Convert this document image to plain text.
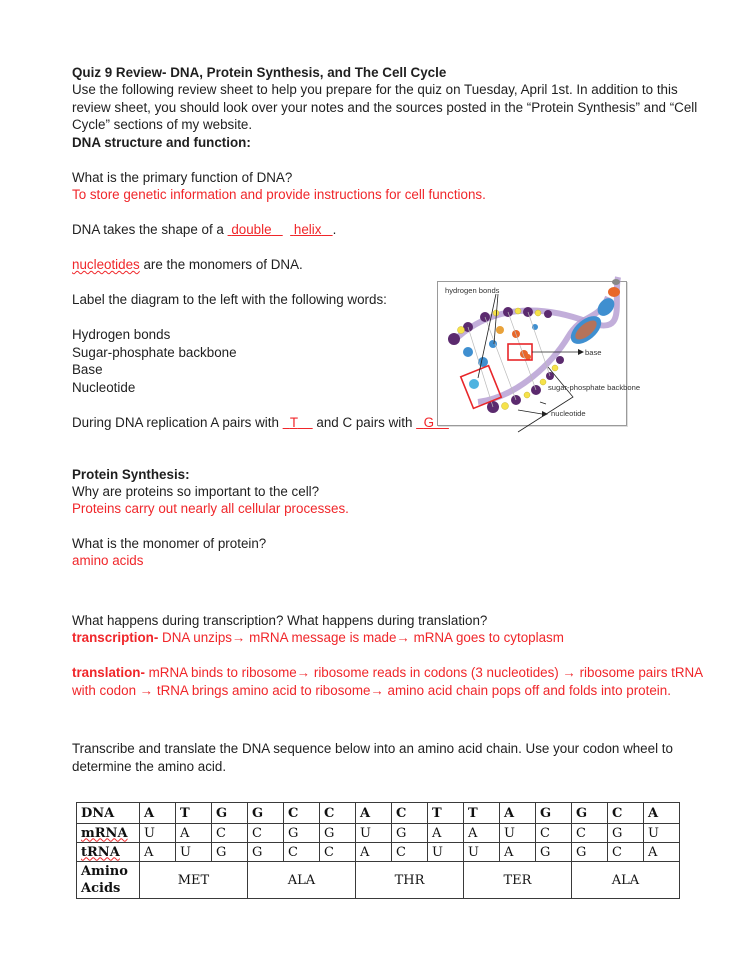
Quiz 9 Review- DNA, Protein Synthesis, and The Cell Cycle
Use the following review sheet to help you prepare for the quiz on Tuesday, April 1st. In addition to this review sheet, you should look over your notes and the sources posted in the “Protein Synthesis” and “Cell Cycle” sections of my website.
DNA structure and function:
What is the primary function of DNA?
To store genetic information and provide instructions for cell functions.
DNA takes the shape of a  double helix .
nucleotides are the monomers of DNA.
Label the diagram to the left with the following words:
Hydrogen bonds
Sugar-phosphate backbone
Base
Nucleotide
During DNA replication A pairs with   T     and C pairs with   G
hydrogen bonds
base
sugar-phosphate backbone
nucleotide
Protein Synthesis:
Why are proteins so important to the cell?
Proteins carry out nearly all cellular processes.
What is the monomer of protein?
amino acids
What happens during transcription? What happens during translation?
transcription- DNA unzips→ mRNA message is made→ mRNA goes to cytoplasm
translation- mRNA binds to ribosome→ ribosome reads in codons (3 nucleotides) → ribosome pairs tRNA with codon → tRNA brings amino acid to ribosome→ amino acid chain pops off and folds into protein.
Transcribe and translate the DNA sequence below into an amino acid chain. Use your codon wheel to determine the amino acid.
DNA	A	T	G	G	C	C	A	C	T	T	A	G	G	C	A
mRNA	U	A	C	C	G	G	U	G	A	A	U	C	C	G	U
tRNA	A	U	G	G	C	C	A	C	U	U	A	G	G	C	A
Amino
Acids	MET			ALA			THR			TER			ALA		
